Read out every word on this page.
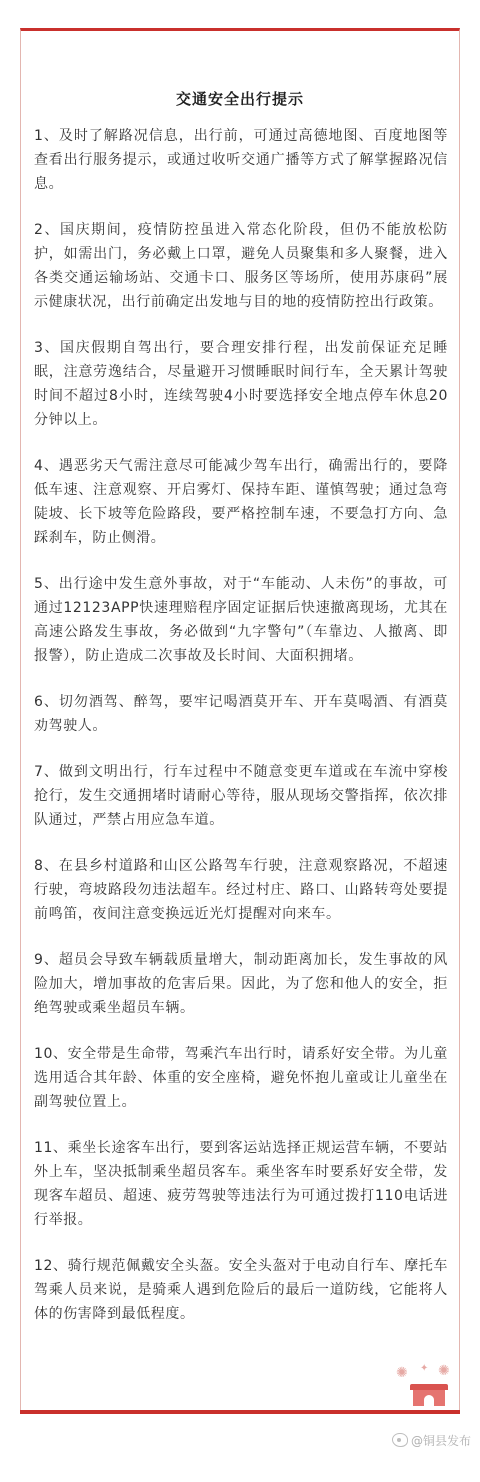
交通安全出行提示

1、及时了解路况信息，出行前，可通过高德地图、百度地图等查看出行服务提示，或通过收听交通广播等方式了解掌握路况信息。

2、国庆期间，疫情防控虽进入常态化阶段，但仍不能放松防护，如需出门，务必戴上口罩，避免人员聚集和多人聚餐，进入各类交通运输场站、交通卡口、服务区等场所，使用苏康码”展示健康状况，出行前确定出发地与目的地的疫情防控出行政策。

3、国庆假期自驾出行，要合理安排行程，出发前保证充足睡眠，注意劳逸结合，尽量避开习惯睡眠时间行车，全天累计驾驶时间不超过8小时，连续驾驶4小时要选择安全地点停车休息20分钟以上。

4、遇恶劣天气需注意尽可能减少驾车出行，确需出行的，要降低车速、注意观察、开启雾灯、保持车距、谨慎驾驶；通过急弯陡坡、长下坡等危险路段，要严格控制车速，不要急打方向、急踩刹车，防止侧滑。

5、出行途中发生意外事故，对于“车能动、人未伤”的事故，可通过12123APP快速理赔程序固定证据后快速撤离现场，尤其在高速公路发生事故，务必做到“九字警句”（车靠边、人撤离、即报警），防止造成二次事故及长时间、大面积拥堵。

6、切勿酒驾、醉驾，要牢记喝酒莫开车、开车莫喝酒、有酒莫劝驾驶人。

7、做到文明出行，行车过程中不随意变更车道或在车流中穿梭抢行，发生交通拥堵时请耐心等待，服从现场交警指挥，依次排队通过，严禁占用应急车道。

8、在县乡村道路和山区公路驾车行驶，注意观察路况，不超速行驶，弯坡路段勿违法超车。经过村庄、路口、山路转弯处要提前鸣笛，夜间注意变换远近光灯提醒对向来车。

9、超员会导致车辆载质量增大，制动距离加长，发生事故的风险加大，增加事故的危害后果。因此，为了您和他人的安全，拒绝驾驶或乘坐超员车辆。

10、安全带是生命带，驾乘汽车出行时，请系好安全带。为儿童选用适合其年龄、体重的安全座椅，避免怀抱儿童或让儿童坐在副驾驶位置上。

11、乘坐长途客车出行，要到客运站选择正规运营车辆，不要站外上车，坚决抵制乘坐超员客车。乘坐客车时要系好安全带，发现客车超员、超速、疲劳驾驶等违法行为可通过拨打110电话进行举报。

12、骑行规范佩戴安全头盔。安全头盔对于电动自行车、摩托车驾乘人员来说，是骑乘人遇到危险后的最后一道防线，它能将人体的伤害降到最低程度。

✺ ✺
✦
@铜县发布
